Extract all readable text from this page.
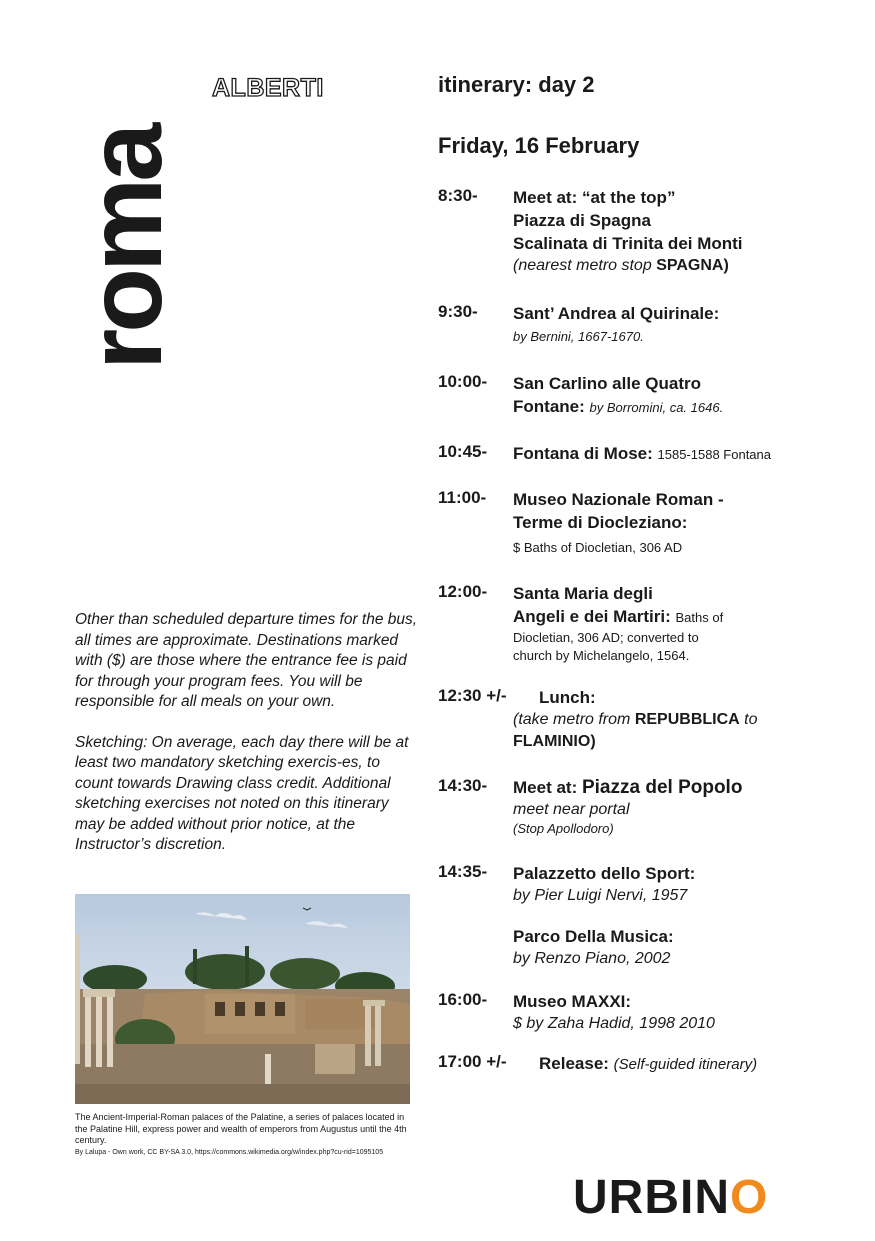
roma
ALBERTI	itinerary: day 2
Friday, 16 February
8:30- Meet at: “at the top”
Piazza di Spagna
Scalinata di Trinita dei Monti
(nearest metro stop SPAGNA)
9:30- Sant’ Andrea al Quirinale:
by Bernini, 1667-1670.
10:00- San Carlino alle Quatro
Fontane: by Borromini, ca. 1646.
10:45- Fontana di Mose: 1585-1588 Fontana
11:00- Museo Nazionale Roman -
Terme di Diocleziano:
$ Baths of Diocletian, 306 AD
12:00- Santa Maria degli
Angeli e dei Martiri: Baths of
Diocletian, 306 AD; converted to
church by Michelangelo, 1564.
12:30 +/-	Lunch:
(take metro from REPUBBLICA to
FLAMINIO)
14:30- Meet at: Piazza del Popolo
meet near portal
(Stop Apollodoro)
14:35- Palazzetto dello Sport:
by Pier Luigi Nervi, 1957
Parco Della Musica:
by Renzo Piano, 2002
16:00- Museo MAXXI:
$ by Zaha Hadid, 1998 2010
17:00 +/-	Release: (Self-guided itinerary)

Other than scheduled departure times for the bus, all times are approximate. Destinations marked with ($) are those where the entrance fee is paid for through your program fees. You will be responsible for all meals on your own.

Sketching: On average, each day there will be at least two mandatory sketching exercis-es, to count towards Drawing class credit. Additional sketching exercises not noted on this itinerary may be added without prior notice, at the Instructor’s discretion.

The Ancient-Imperial-Roman palaces of the Palatine, a series of palaces located in the Palatine Hill, express power and wealth of emperors from Augustus until the 4th century.
By Lalupa - Own work, CC BY-SA 3.0, https://commons.wikimedia.org/w/index.php?cu-rid=1095105
URBINO
